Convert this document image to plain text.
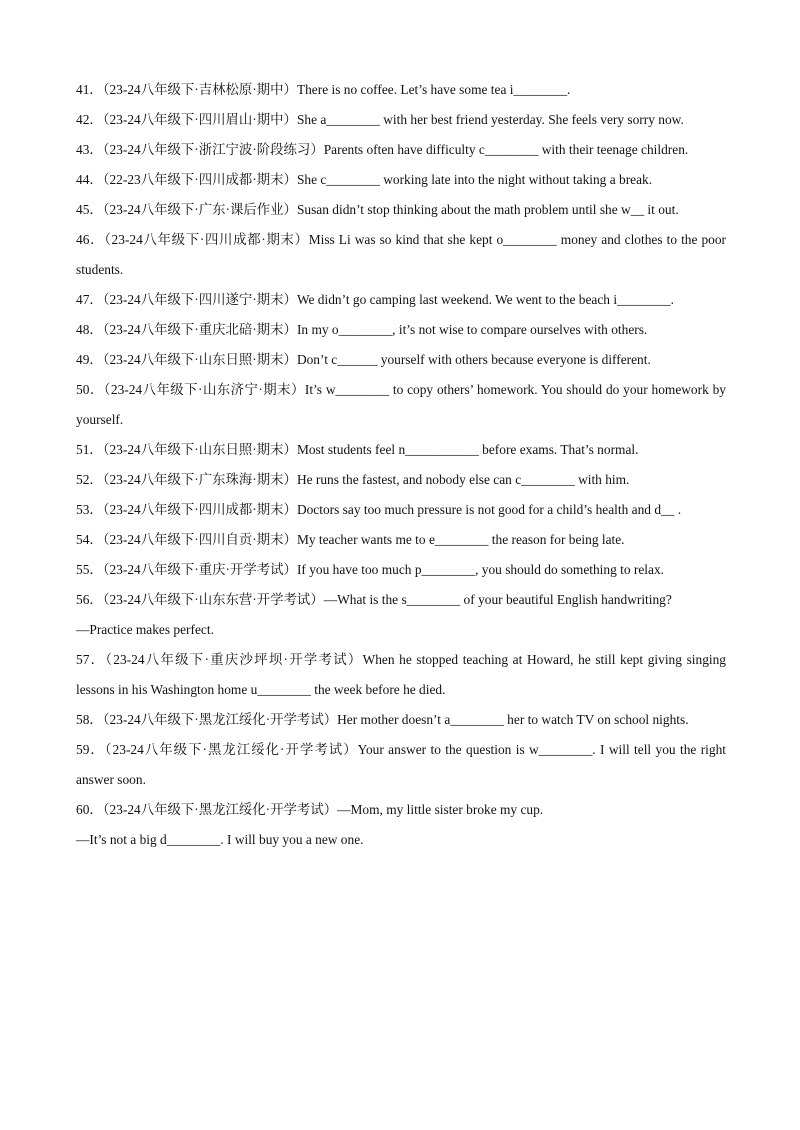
41．（23-24八年级下·吉林松原·期中）There is no coffee. Let’s have some tea i________.
42．（23-24八年级下·四川眉山·期中）She a________ with her best friend yesterday. She feels very sorry now.
43．（23-24八年级下·浙江宁波·阶段练习）Parents often have difficulty c________ with their teenage children.
44．（22-23八年级下·四川成都·期末）She c________ working late into the night without taking a break.
45．（23-24八年级下·广东·课后作业）Susan didn’t stop thinking about the math problem until she w__ it out.
46．（23-24八年级下·四川成都·期末）Miss Li was so kind that she kept o________ money and clothes to the poor students.
47．（23-24八年级下·四川遂宁·期末）We didn’t go camping last weekend. We went to the beach i________.
48．（23-24八年级下·重庆北碚·期末）In my o________, it’s not wise to compare ourselves with others.
49．（23-24八年级下·山东日照·期末）Don’t c______ yourself with others because everyone is different.
50．（23-24八年级下·山东济宁·期末）It’s w________ to copy others’ homework. You should do your homework by yourself.
51．（23-24八年级下·山东日照·期末）Most students feel n___________ before exams. That’s normal.
52．（23-24八年级下·广东珠海·期末）He runs the fastest, and nobody else can c________ with him.
53．（23-24八年级下·四川成都·期末）Doctors say too much pressure is not good for a child’s health and d__ .
54．（23-24八年级下·四川自贡·期末）My teacher wants me to e________ the reason for being late.
55．（23-24八年级下·重庆·开学考试）If you have too much p________, you should do something to relax.
56．（23-24八年级下·山东东营·开学考试）—What is the s________ of your beautiful English handwriting?
—Practice makes perfect.
57．（23-24八年级下·重庆沙坪坝·开学考试）When he stopped teaching at Howard, he still kept giving singing lessons in his Washington home u________ the week before he died.
58．（23-24八年级下·黑龙江绥化·开学考试）Her mother doesn’t a________ her to watch TV on school nights.
59．（23-24八年级下·黑龙江绥化·开学考试）Your answer to the question is w________. I will tell you the right answer soon.
60．（23-24八年级下·黑龙江绥化·开学考试）—Mom, my little sister broke my cup.
—It’s not a big d________. I will buy you a new one.
